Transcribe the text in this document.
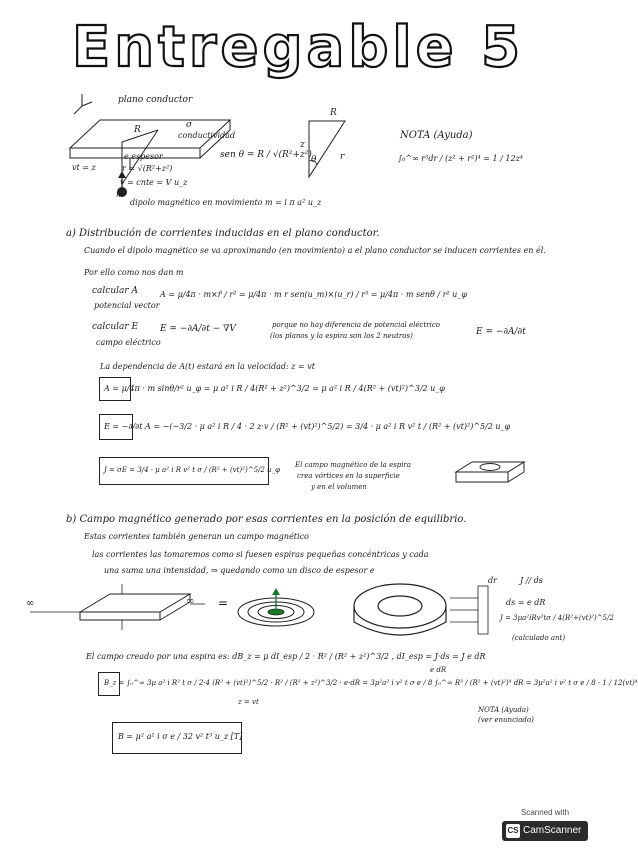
Entregable 5
plano conductor
σ
conductividad
R
e espesor
r = √(R²+z²)
vt = z
v = cnte = V u_z
m
dipolo magnético en movimiento m = i π a² u_z
R
z
θ	r
sen θ = R / √(R²+z²)
NOTA (Ayuda)
∫₀^∞ r³dr / (z² + r²)⁴ = 1 / 12z⁴
a) Distribución de corrientes inducidas en el plano conductor.
Cuando el dipolo magnético se va aproximando (en movimiento) a el plano conductor se inducen corrientes en él.
Por ello como nos dan m
calcular A
potencial vector
A = μ/4π · m×r̂ / r² = μ/4π · m r sen(u_m)×(u_r) / r³ = μ/4π · m senθ / r² u_φ
calcular E
campo eléctrico
E = −∂A/∂t − ∇V	porque no hay diferencia de potencial eléctrico
(los planos y la espira son los 2 neutros)	E = −∂A/∂t
La dependencia de A(t) estará en la velocidad: z = vt
A = μ/4π · m sinθ/r² u_φ = μ a² i R / 4(R² + z²)^3/2 = μ a² i R / 4(R² + (vt)²)^3/2 u_φ
E = −∂/∂t A = −(−3/2 · μ a² i R / 4 · 2 z·v / (R² + (vt)²)^5/2) = 3/4 · μ a² i R v² t / (R² + (vt)²)^5/2 u_φ
J = σE = 3/4 · μ a² i R v² t σ / (R² + (vt)²)^5/2 u_φ
El campo magnético de la espira
crea vórtices en la superficie
y en el volumen
b) Campo magnético generado por esas corrientes en la posición de equilibrio.
Estas corrientes también generan un campo magnético
las corrientes las tomaremos como si fuesen espiras pequeñas concéntricas y cada
una suma una intensidad, ⇒ quedando como un disco de espesor e
∞	∞ =
dr	J // ds
ds = e dR
J = 3μa²iRv²tσ / 4(R²+(vt)²)^5/2
(calculado ant)
El campo creado por una espira es: dB_z = μ dI_esp / 2 · R² / (R² + z²)^3/2 , dI_esp = J·ds = J e dR
B_z = ∫₀^∞ 3μ a² i R² t σ / 2·4 (R² + (vt)²)^5/2 · R² / (R² + z²)^3/2 · e·dR = 3μ²a² i v² t σ e / 8 ∫₀^∞ R³ / (R² + (vt)²)⁴ dR = 3μ²a² i v² t σ e / 8 · 1 / 12(vt)⁴
e dR
z = vt
NOTA (Ayuda)
(ver enunciado)
B = μ² a² i σ e / 32 v² t³ u_z [T]
Scanned with
CS CamScanner
